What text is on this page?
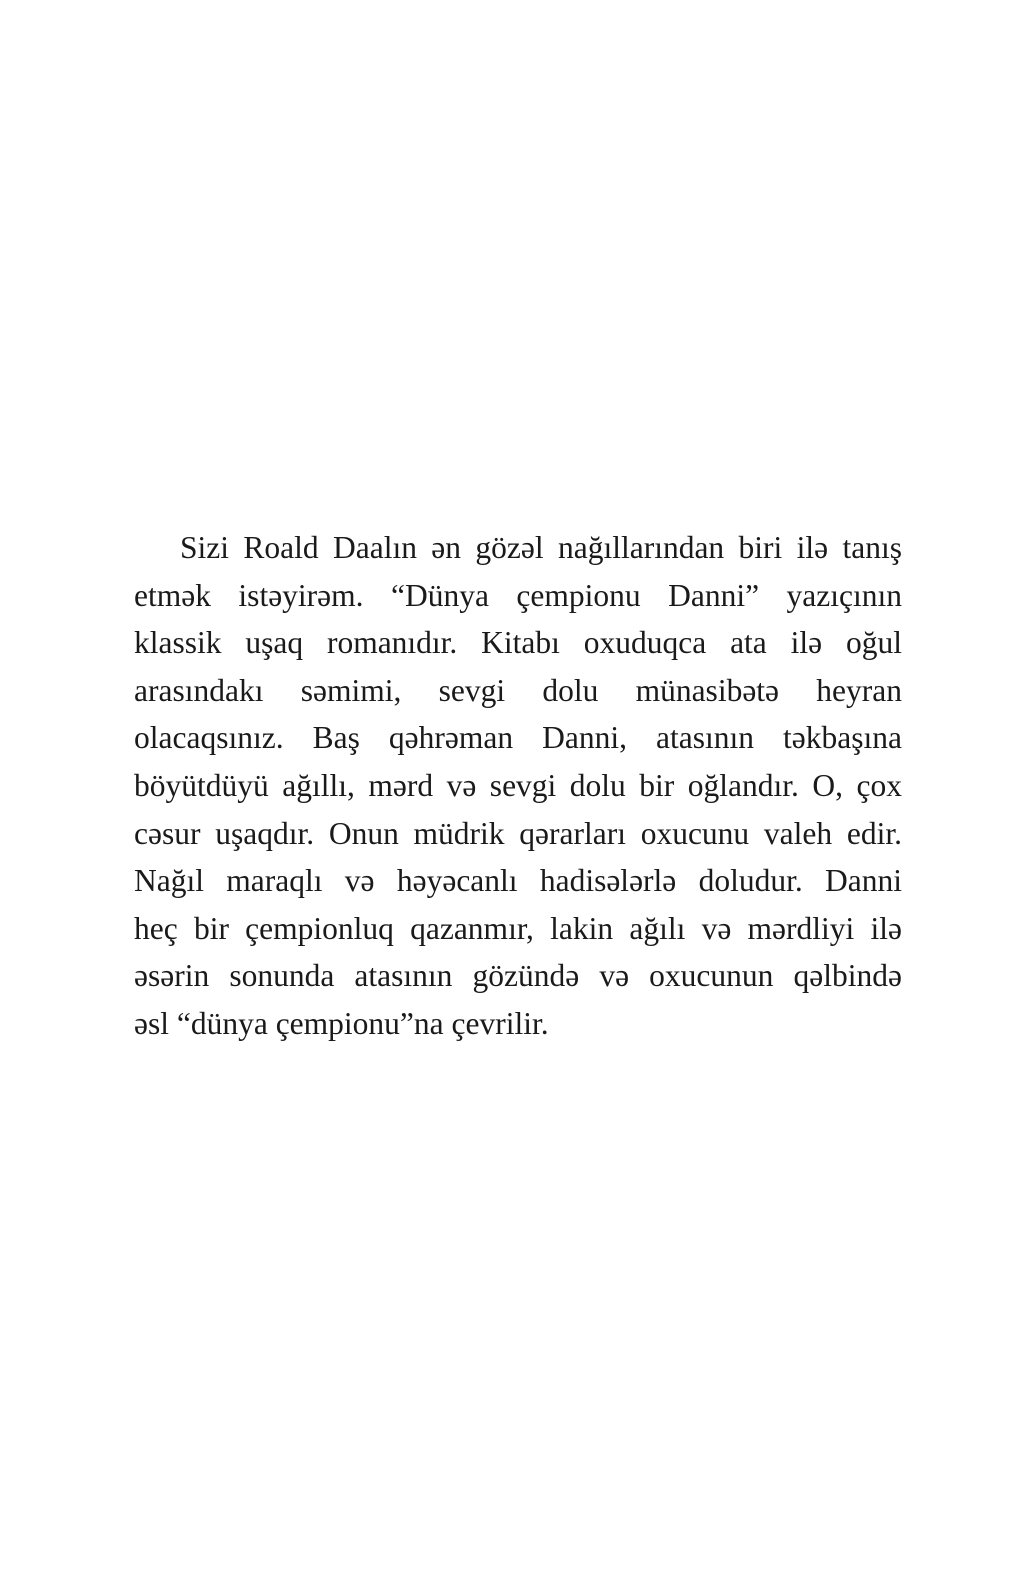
Sizi Roald Daalın ən gözəl nağıllarından biri ilə tanış
etmək istəyirəm. “Dünya çempionu Danni” yazıçının
klassik uşaq romanıdır. Kitabı oxuduqca ata ilə oğul
arasındakı səmimi, sevgi dolu münasibətə heyran
olacaqsınız. Baş qəhrəman Danni, atasının təkbaşına
böyütdüyü ağıllı, mərd və sevgi dolu bir oğlandır. O, çox
cəsur uşaqdır. Onun müdrik qərarları oxucunu valeh edir.
Nağıl maraqlı və həyəcanlı hadisələrlə doludur. Danni
heç bir çempionluq qazanmır, lakin ağılı və mərdliyi ilə
əsərin sonunda atasının gözündə və oxucunun qəlbində
əsl “dünya çempionu”na çevrilir.
